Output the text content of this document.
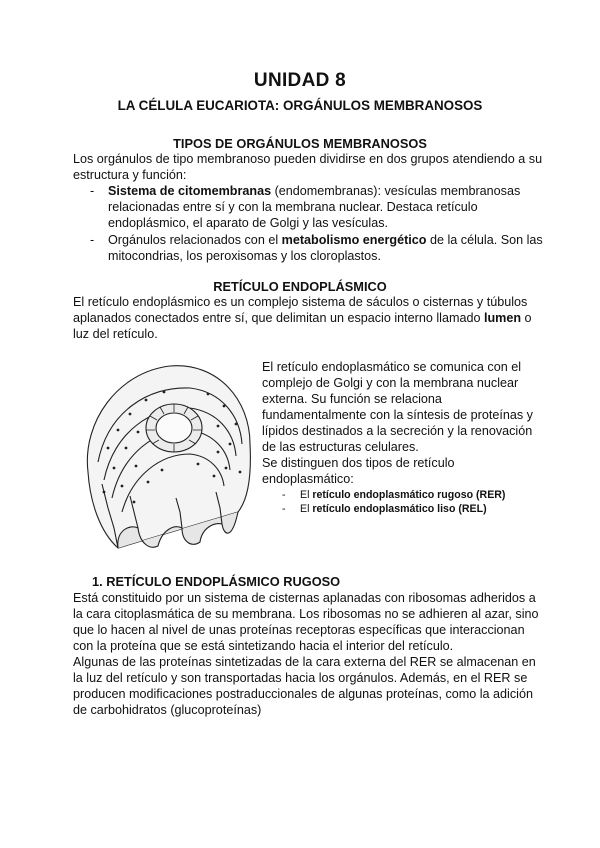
UNIDAD 8
LA CÉLULA EUCARIOTA: ORGÁNULOS MEMBRANOSOS
TIPOS DE ORGÁNULOS MEMBRANOSOS
Los orgánulos de tipo membranoso pueden dividirse en dos grupos atendiendo a su
estructura y función:
- Sistema de citomembranas (endomembranas): vesículas membranosas
relacionadas entre sí y con la membrana nuclear. Destaca retículo
endoplásmico, el aparato de Golgi y las vesículas.
- Orgánulos relacionados con el metabolismo energético de la célula. Son las
mitocondrias, los peroxisomas y los cloroplastos.
RETÍCULO ENDOPLÁSMICO
El retículo endoplásmico es un complejo sistema de sáculos o cisternas y túbulos
aplanados conectados entre sí, que delimitan un espacio interno llamado lumen o
luz del retículo.
El retículo endoplasmático se comunica con el
complejo de Golgi y con la membrana nuclear
externa. Su función se relaciona
fundamentalmente con la síntesis de proteínas y
lípidos destinados a la secreción y la renovación
de las estructuras celulares.
Se distinguen dos tipos de retículo
endoplasmático:
- El retículo endoplasmático rugoso (RER)
- El retículo endoplasmático liso (REL)
1. RETÍCULO ENDOPLÁSMICO RUGOSO
Está constituido por un sistema de cisternas aplanadas con ribosomas adheridos a
la cara citoplasmática de su membrana. Los ribosomas no se adhieren al azar, sino
que lo hacen al nivel de unas proteínas receptoras específicas que interaccionan
con la proteína que se está sintetizando hacia el interior del retículo.
Algunas de las proteínas sintetizadas de la cara externa del RER se almacenan en
la luz del retículo y son transportadas hacia los orgánulos. Además, en el RER se
producen modificaciones postraduccionales de algunas proteínas, como la adición
de carbohidratos (glucoproteínas)
